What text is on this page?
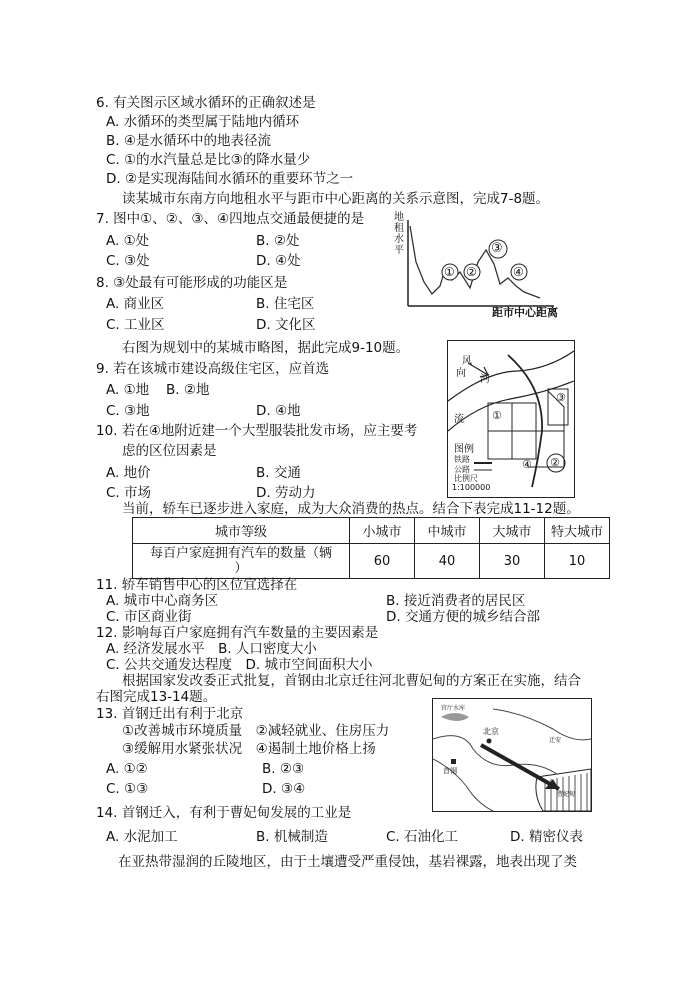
6. 有关图示区域水循环的正确叙述是
A. 水循环的类型属于陆地内循环
B. ④是水循环中的地表径流
C. ①的水汽量总是比③的降水量少
D. ②是实现海陆间水循环的重要环节之一
读某城市东南方向地租水平与距市中心距离的关系示意图，完成7-8题。
7. 图中①、②、③、④四地点交通最便捷的是
A. ①处	B. ②处
C. ③处	D. ④处
8. ③处最有可能形成的功能区是
A. 商业区	B. 住宅区
C. 工业区	D. 文化区
地租水平
距市中心距离
① ②
③
④
右图为规划中的某城市略图，据此完成9-10题。
9. 若在该城市建设高级住宅区，应首选
A. ①地 B. ②地
C. ③地	D. ④地
10. 若在④地附近建一个大型服装批发市场，应主要考
虑的区位因素是
A. 地价	B. 交通
C. 市场	D. 劳动力
风
向
河
流	①
③
④ ②
图例
铁路
公路
比例尺
1:100000
当前，轿车已逐步进入家庭，成为大众消费的热点。结合下表完成11-12题。
城市等级	小城市	中城市	大城市	特大城市
每百户家庭拥有汽车的数量（辆
）	60	40	30	10
11. 轿车销售中心的区位宜选择在
A. 城市中心商务区	B. 接近消费者的居民区
C. 市区商业街	D. 交通方便的城乡结合部
12. 影响每百户家庭拥有汽车数量的主要因素是
A. 经济发展水平　B. 人口密度大小
C. 公共交通发达程度　D. 城市空间面积大小
根据国家发改委正式批复，首钢由北京迁往河北曹妃甸的方案正在实施，结合
右图完成13-14题。
13. 首钢迁出有利于北京
①改善城市环境质量　②减轻就业、住房压力
③缓解用水紧张状况　④遏制土地价格上扬
A. ①②	B. ②③
C. ①③	D. ③④
官厅水库
北京
首钢
迁安
曹妃甸
14. 首钢迁入，有利于曹妃甸发展的工业是
A. 水泥加工	B. 机械制造	C. 石油化工	D. 精密仪表
在亚热带湿润的丘陵地区，由于土壤遭受严重侵蚀，基岩裸露，地表出现了类
